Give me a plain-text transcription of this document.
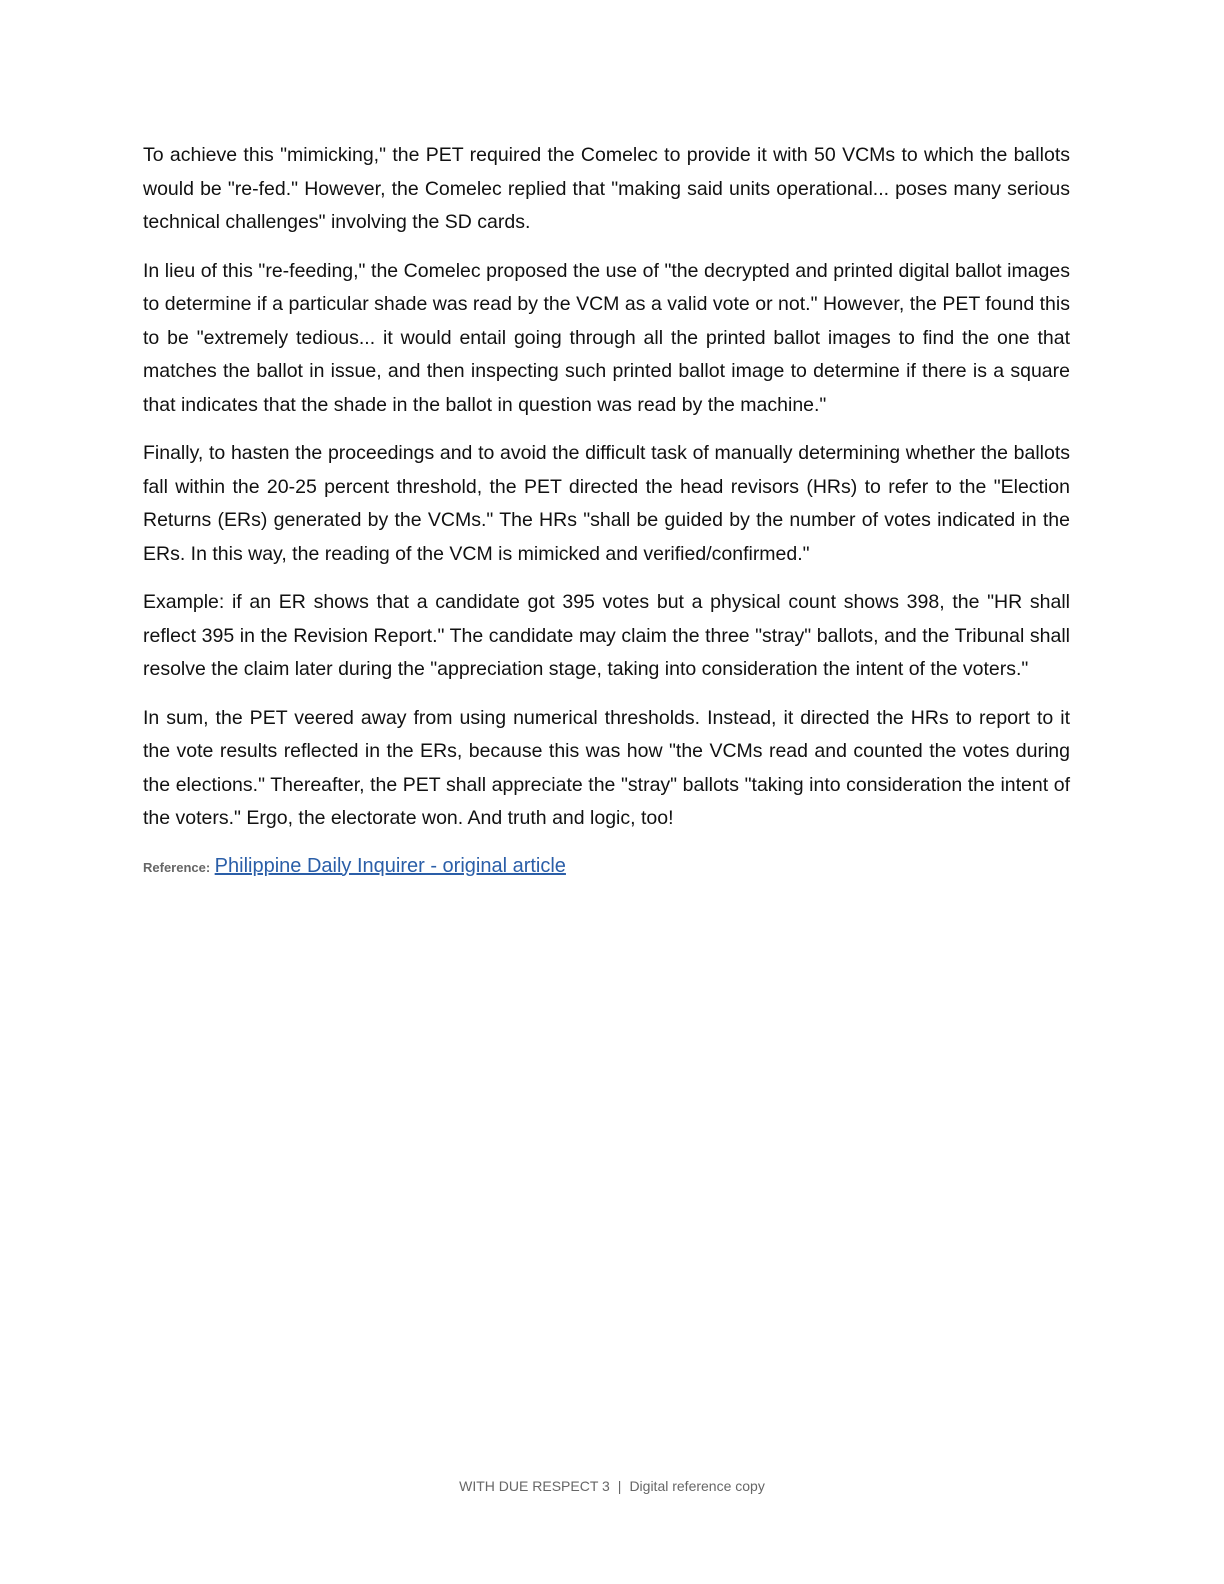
To achieve this "mimicking," the PET required the Comelec to provide it with 50 VCMs to which the ballots would be "re-fed." However, the Comelec replied that "making said units operational... poses many serious technical challenges" involving the SD cards.

In lieu of this "re-feeding," the Comelec proposed the use of "the decrypted and printed digital ballot images to determine if a particular shade was read by the VCM as a valid vote or not." However, the PET found this to be "extremely tedious... it would entail going through all the printed ballot images to find the one that matches the ballot in issue, and then inspecting such printed ballot image to determine if there is a square that indicates that the shade in the ballot in question was read by the machine."

Finally, to hasten the proceedings and to avoid the difficult task of manually determining whether the ballots fall within the 20-25 percent threshold, the PET directed the head revisors (HRs) to refer to the "Election Returns (ERs) generated by the VCMs." The HRs "shall be guided by the number of votes indicated in the ERs. In this way, the reading of the VCM is mimicked and verified/confirmed."

Example: if an ER shows that a candidate got 395 votes but a physical count shows 398, the "HR shall reflect 395 in the Revision Report." The candidate may claim the three "stray" ballots, and the Tribunal shall resolve the claim later during the "appreciation stage, taking into consideration the intent of the voters."

In sum, the PET veered away from using numerical thresholds. Instead, it directed the HRs to report to it the vote results reflected in the ERs, because this was how "the VCMs read and counted the votes during the elections." Thereafter, the PET shall appreciate the "stray" ballots "taking into consideration the intent of the voters." Ergo, the electorate won. And truth and logic, too!

Reference: Philippine Daily Inquirer - original article
WITH DUE RESPECT 3 | Digital reference copy
